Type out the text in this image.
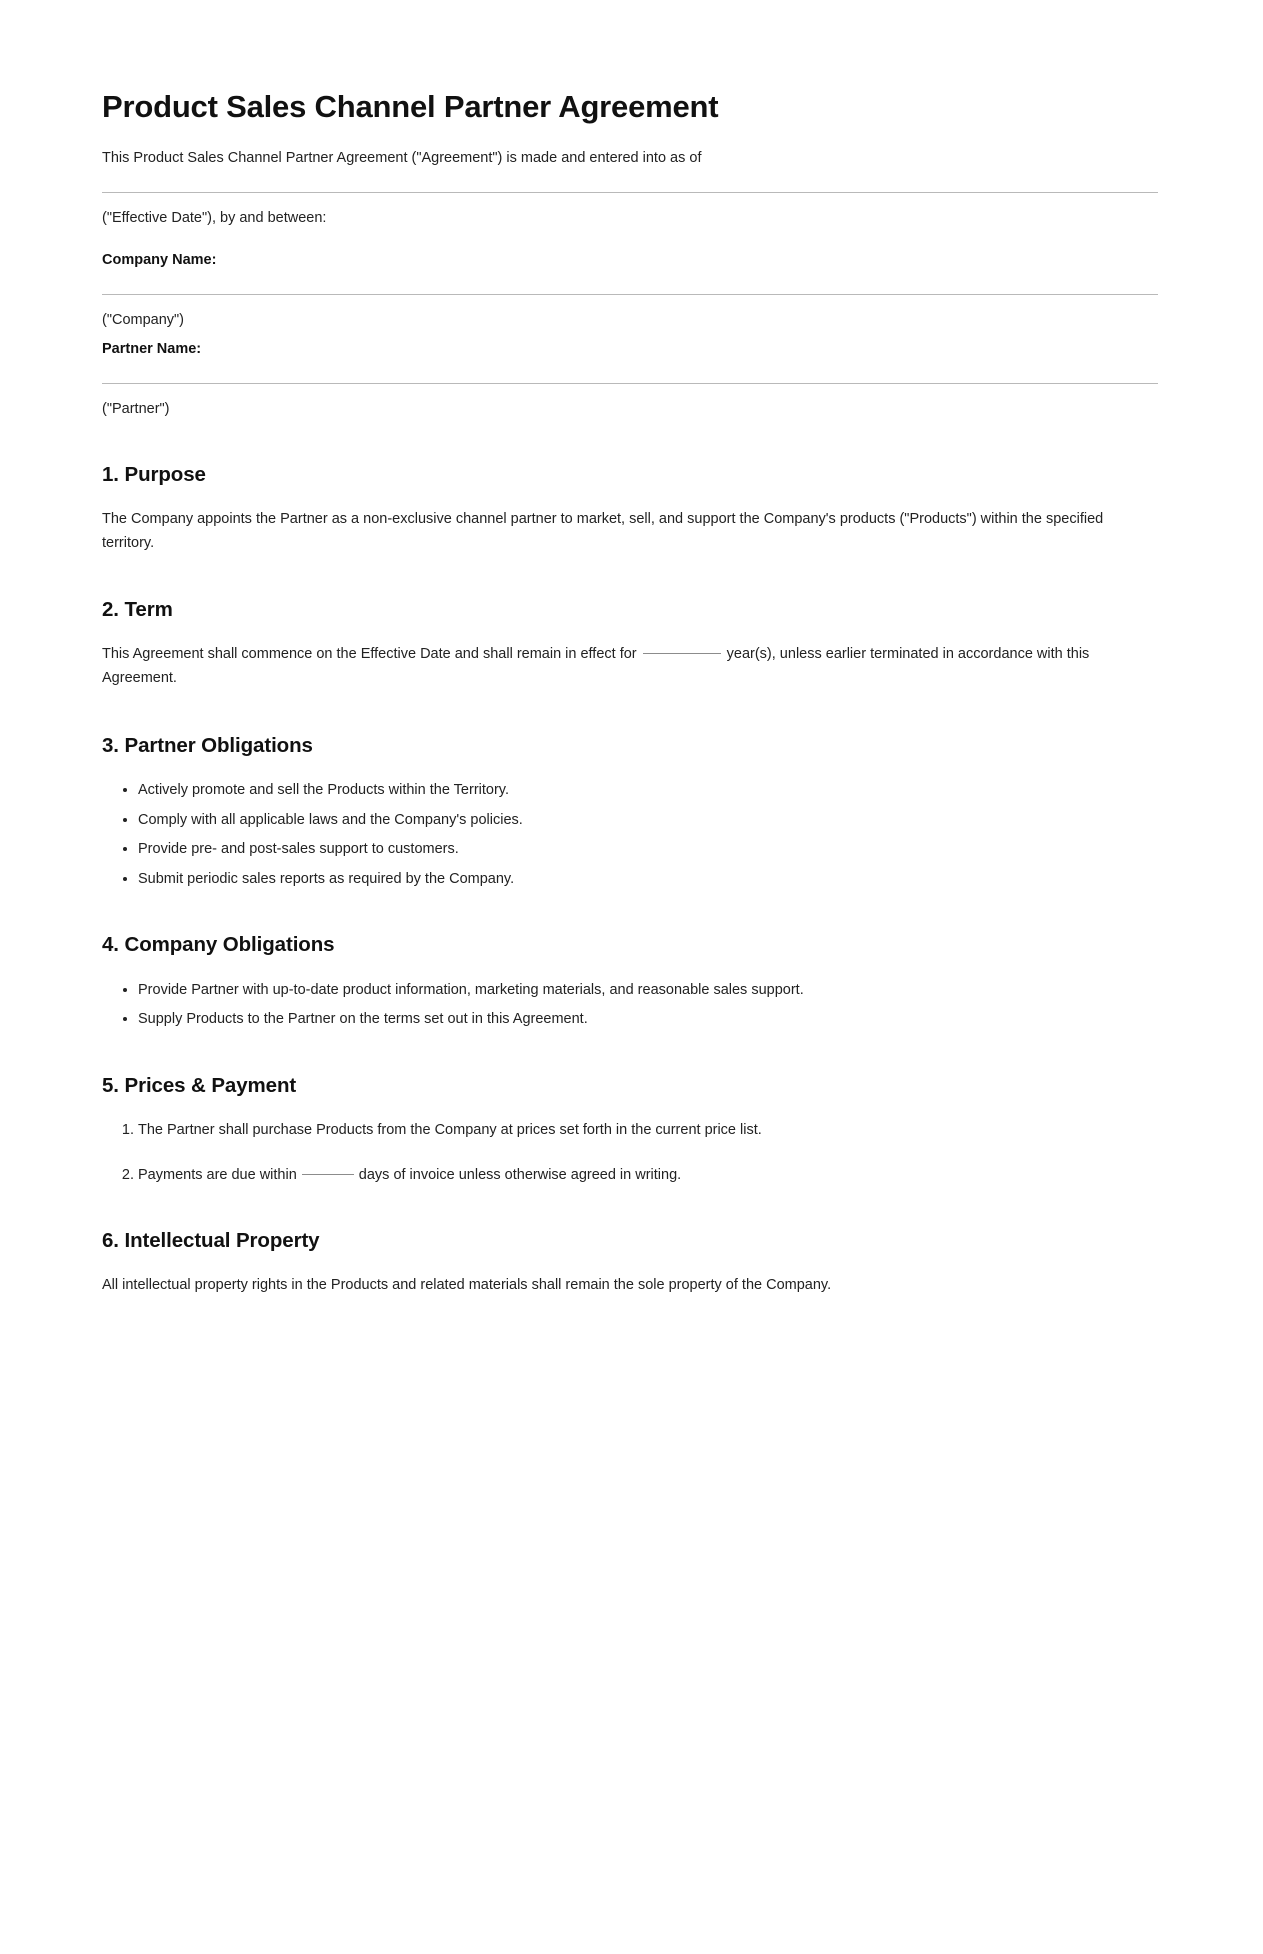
Product Sales Channel Partner Agreement

This Product Sales Channel Partner Agreement ("Agreement") is made and entered into as of

("Effective Date"), by and between:

Company Name:

("Company")

Partner Name:

("Partner")

1. Purpose

The Company appoints the Partner as a non-exclusive channel partner to market, sell, and support the Company's products ("Products") within the specified territory.

2. Term

This Agreement shall commence on the Effective Date and shall remain in effect for	year(s), unless earlier terminated in accordance with this Agreement.

3. Partner Obligations
• Actively promote and sell the Products within the Territory.
• Comply with all applicable laws and the Company's policies.
• Provide pre- and post-sales support to customers.
• Submit periodic sales reports as required by the Company.
4. Company Obligations
• Provide Partner with up-to-date product information, marketing materials, and reasonable sales support.
• Supply Products to the Partner on the terms set out in this Agreement.
5. Prices & Payment
1. The Partner shall purchase Products from the Company at prices set forth in the current price list.
2. Payments are due within	days of invoice unless otherwise agreed in writing.
6. Intellectual Property

All intellectual property rights in the Products and related materials shall remain the sole property of the Company.
